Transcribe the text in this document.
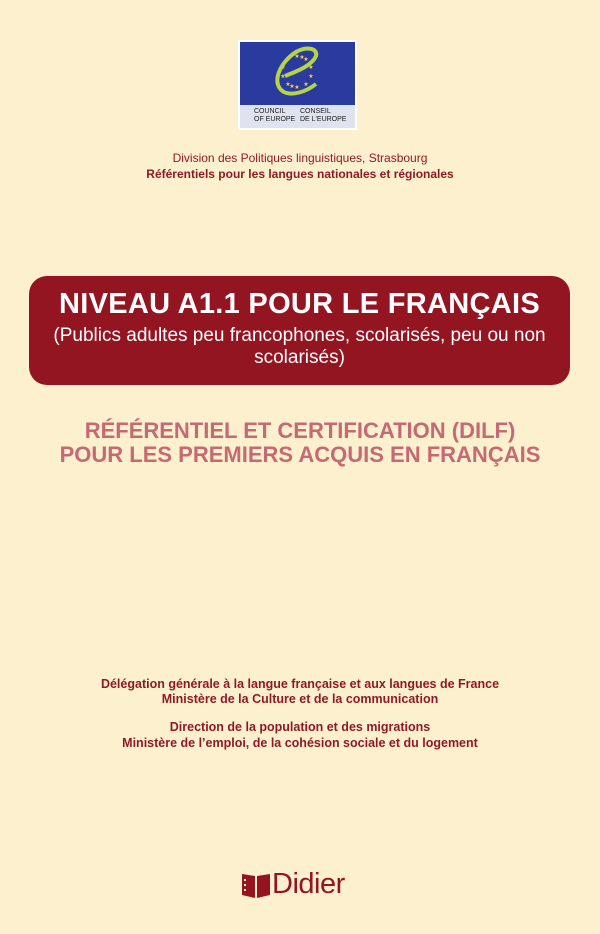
★ ★
★
★
★
★
★
★
★
★ ★
★
COUNCIL
OF EUROPE
CONSEIL
DE L'EUROPE
Division des Politiques linguistiques, Strasbourg
Référentiels pour les langues nationales et régionales
NIVEAU A1.1 POUR LE FRANÇAIS
(Publics adultes peu francophones, scolarisés, peu ou non scolarisés)
RÉFÉRENTIEL ET CERTIFICATION (DILF)
POUR LES PREMIERS ACQUIS EN FRANÇAIS
Délégation générale à la langue française et aux langues de France
Ministère de la Culture et de la communication
Direction de la population et des migrations
Ministère de l’emploi, de la cohésion sociale et du logement
Didier
